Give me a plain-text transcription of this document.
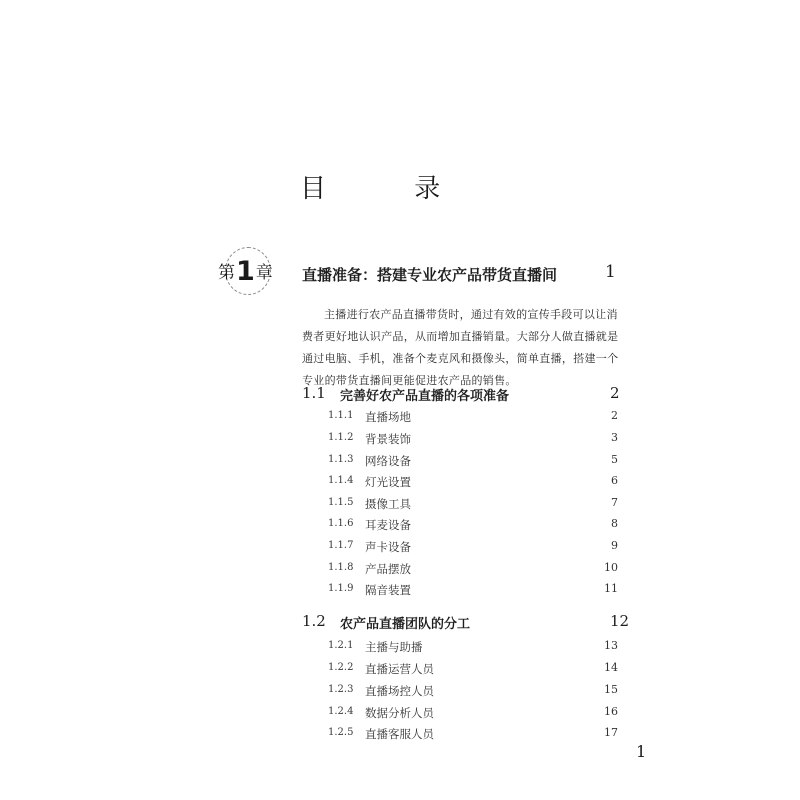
目 录
第1章 直播准备：搭建专业农产品带货直播间	1

主播进行农产品直播带货时，通过有效的宣传手段可以让消费者更好地认识产品，从而增加直播销量。大部分人做直播就是通过电脑、手机，准备个麦克风和摄像头，简单直播，搭建一个专业的带货直播间更能促进农产品的销售。

1.1 完善好农产品直播的各项准备	2
1.1.1 直播场地	2
1.1.2 背景装饰	3
1.1.3 网络设备	5
1.1.4 灯光设置	6
1.1.5 摄像工具	7
1.1.6 耳麦设备	8
1.1.7 声卡设备	9
1.1.8 产品摆放	10
1.1.9 隔音装置	11
1.2 农产品直播团队的分工	12
1.2.1 主播与助播	13
1.2.2 直播运营人员	14
1.2.3 直播场控人员	15
1.2.4 数据分析人员	16
1.2.5 直播客服人员	17
1
